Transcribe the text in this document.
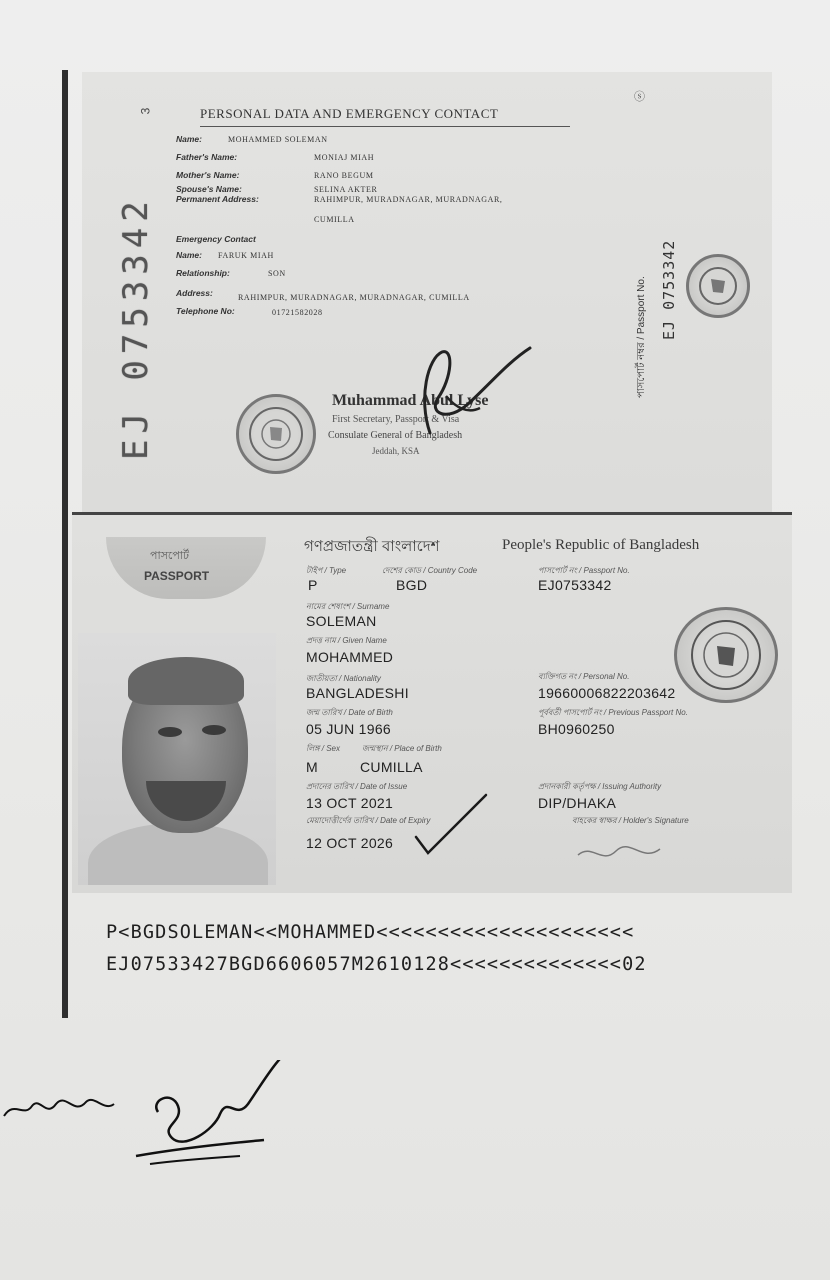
3	PERSONAL DATA AND EMERGENCY CONTACT
EJ 0753342
Name:	MOHAMMED SOLEMAN
Father's Name:	MONIAJ MIAH
Mother's Name:	RANO BEGUM
Spouse's Name:	SELINA AKTER
Permanent Address:	RAHIMPUR, MURADNAGAR, MURADNAGAR,
CUMILLA
Emergency Contact
Name: FARUK MIAH
Relationship:	SON
Address:	RAHIMPUR, MURADNAGAR, MURADNAGAR, CUMILLA
Telephone No:	01721582028
ⓢ
পাসপোর্ট নম্বর / Passport No. EJ 0753342
Muhammad Abul Lyse
First Secretary, Passport & Visa
Consulate General of Bangladesh
Jeddah, KSA
পাসপোর্ট
PASSPORT
গণপ্রজাতন্ত্রী বাংলাদেশ	People's Republic of Bangladesh
টাইপ / Type	দেশের কোড / Country Code	পাসপোর্ট নং / Passport No.
P	BGD	EJ0753342
নামের শেষাংশ / Surname
SOLEMAN
প্রদত্ত নাম / Given Name
MOHAMMED
জাতীয়তা / Nationality
BANGLADESHI
ব্যক্তিগত নং / Personal No.
19660006822203642
জন্ম তারিখ / Date of Birth
05 JUN 1966
পূর্ববর্তী পাসপোর্ট নং / Previous Passport No.
BH0960250
লিঙ্গ / Sex	জন্মস্থান / Place of Birth
M	CUMILLA
প্রদানের তারিখ / Date of Issue
13 OCT 2021
প্রদানকারী কর্তৃপক্ষ / Issuing Authority
DIP/DHAKA
মেয়াদোত্তীর্ণের তারিখ / Date of Expiry
12 OCT 2026
বাহকের স্বাক্ষর / Holder's Signature
P<BGDSOLEMAN<<MOHAMMED<<<<<<<<<<<<<<<<<<<<<
EJ07533427BGD6606057M2610128<<<<<<<<<<<<<<02
